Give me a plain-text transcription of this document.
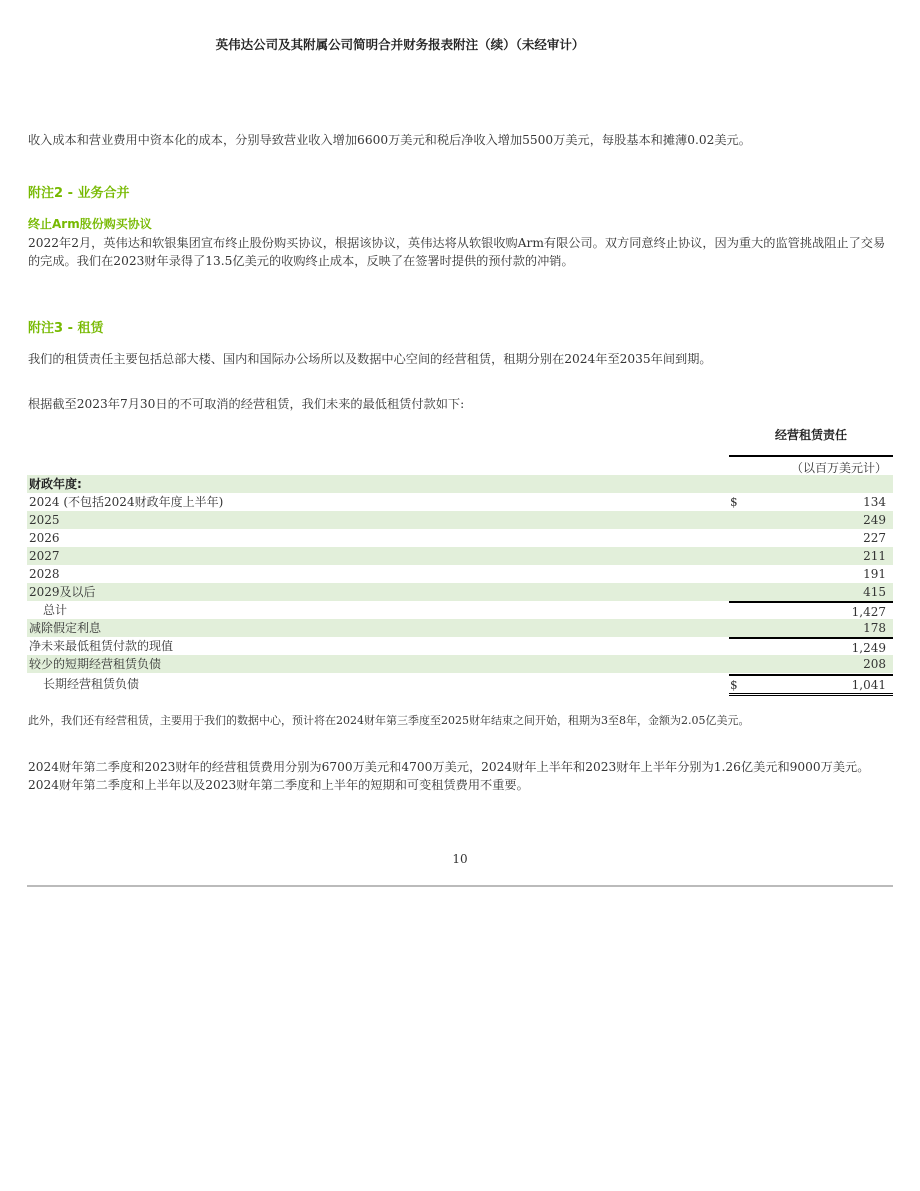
英伟达公司及其附属公司简明合并财务报表附注（续）（未经审计）

收入成本和营业费用中资本化的成本，分别导致营业收入增加6600万美元和税后净收入增加5500万美元，每股基本和摊薄0.02美元。

附注2 - 业务合并
终止Arm股份购买协议

2022年2月，英伟达和软银集团宣布终止股份购买协议，根据该协议，英伟达将从软银收购Arm有限公司。双方同意终止协议，因为重大的监管挑战阻止了交易的完成。我们在2023财年录得了13.5亿美元的收购终止成本，反映了在签署时提供的预付款的冲销。

附注3 - 租赁

我们的租赁责任主要包括总部大楼、国内和国际办公场所以及数据中心空间的经营租赁，租期分别在2024年至2035年间到期。

根据截至2023年7月30日的不可取消的经营租赁，我们未来的最低租赁付款如下:

经营租赁责任
（以百万美元计）
财政年度:
2024 (不包括2024财政年度上半年)	$	134
2025	249
2026	227
2027	211
2028	191
2029及以后	415
总计	1,427
减除假定利息	178
净未来最低租赁付款的现值	1,249
较少的短期经营租赁负债	208
长期经营租赁负债	$	1,041

此外，我们还有经营租赁，主要用于我们的数据中心，预计将在2024财年第三季度至2025财年结束之间开始，租期为3至8年，金额为2.05亿美元。

2024财年第二季度和2023财年的经营租赁费用分别为6700万美元和4700万美元，2024财年上半年和2023财年上半年分别为1.26亿美元和9000万美元。2024财年第二季度和上半年以及2023财年第二季度和上半年的短期和可变租赁费用不重要。

10
